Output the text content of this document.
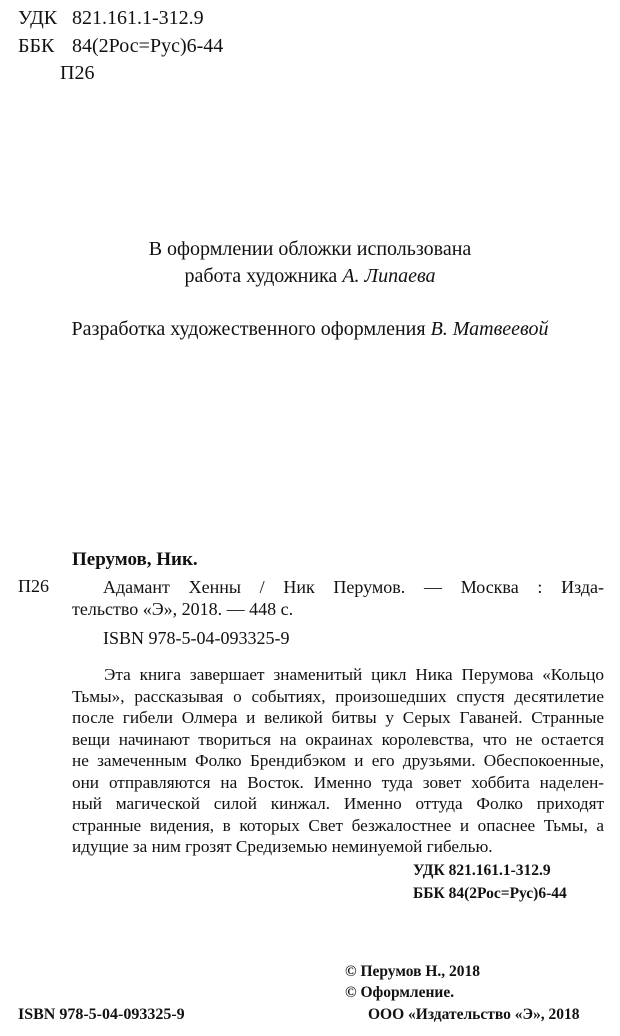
УДК 821.161.1-312.9
ББК 84(2Рос=Рус)6-44
П26
В оформлении обложки использована
работа художника А. Липаева
Разработка художественного оформления В. Матвеевой
Перумов, Ник.
П26	Адамант Хенны / Ник Перумов. — Москва : Изда-
тельство «Э», 2018. — 448 с.
ISBN 978-5-04-093325-9
Эта книга завершает знаменитый цикл Ника Перумова «Кольцо
Тьмы», рассказывая о событиях, произошедших спустя десятилетие
после гибели Олмера и великой битвы у Серых Гаваней. Странные
вещи начинают твориться на окраинах королевства, что не остается
не замеченным Фолко Брендибэком и его друзьями. Обеспокоенные,
они отправляются на Восток. Именно туда зовет хоббита наделен-
ный магической силой кинжал. Именно оттуда Фолко приходят
странные видения, в которых Свет безжалостнее и опаснее Тьмы, а
идущие за ним грозят Средиземью неминуемой гибелью.
УДК 821.161.1-312.9
ББК 84(2Рос=Рус)6-44
© Перумов Н., 2018
© Оформление.
ООО «Издательство «Э», 2018
ISBN 978-5-04-093325-9
